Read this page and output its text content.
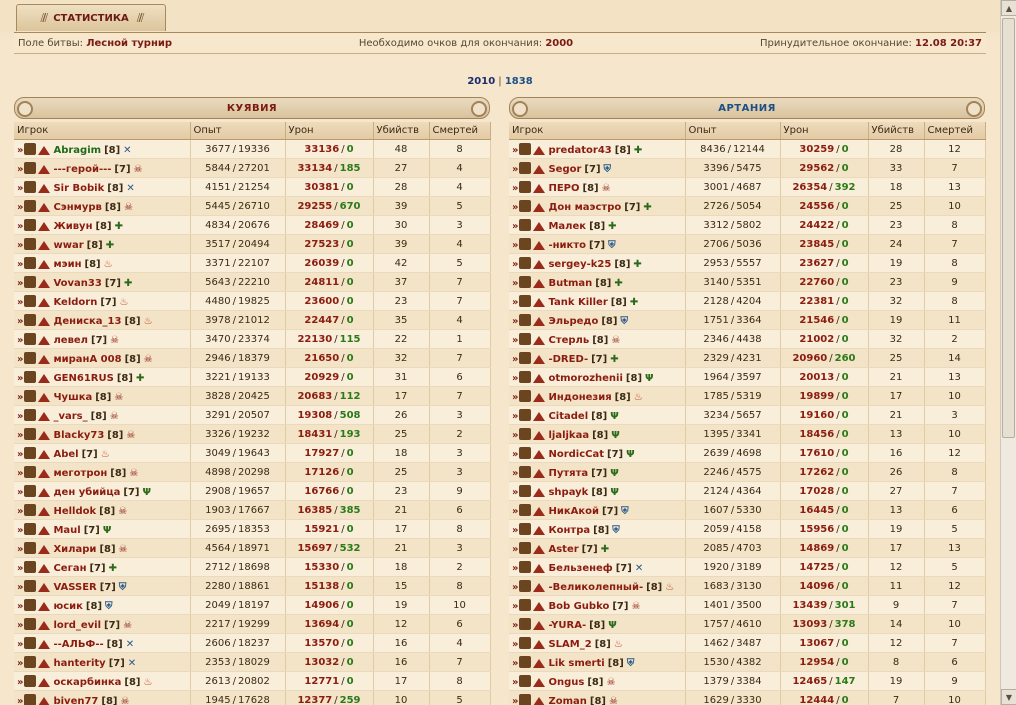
⫽⫽ СТАТИСТИКА ⫽⫽
Поле битвы: Лесной турнир	Необходимо очков для окончания: 2000	Принудительное окончание: 12.08 20:37
2010 | 1838
КУЯВИЯ
Игрок	Опыт	Урон	Убийств	Смертей
» Abragim [8] ✕	3677 / 19336	33136 / 0	48	8
» ---герой--- [7] ☠	5844 / 27201	33134 / 185	27	4
» Sir Bobik [8] ✕	4151 / 21254	30381 / 0	28	4
» Сэнмурв [8] ☠	5445 / 26710	29255 / 670	39	5
» Живун [8] ✚	4834 / 20676	28469 / 0	30	3
» wwar [8] ✚	3517 / 20494	27523 / 0	39	4
» мэин [8] ♨	3371 / 22107	26039 / 0	42	5
» Vovan33 [7] ✚	5643 / 22210	24811 / 0	37	7
» Keldorn [7] ♨	4480 / 19825	23600 / 0	23	7
» Дениска_13 [8] ♨	3978 / 21012	22447 / 0	35	4
» левел [7] ☠	3470 / 23374	22130 / 115	22	1
» миранА 008 [8] ☠	2946 / 18379	21650 / 0	32	7
» GEN61RUS [8] ✚	3221 / 19133	20929 / 0	31	6
» Чушка [8] ☠	3828 / 20425	20683 / 112	17	7
» _vars_ [8] ☠	3291 / 20507	19308 / 508	26	3
» Blacky73 [8] ☠	3326 / 19232	18431 / 193	25	2
» Abel [7] ♨	3049 / 19643	17927 / 0	18	3
» меготрон [8] ☠	4898 / 20298	17126 / 0	25	3
» ден убийца [7] Ψ	2908 / 19657	16766 / 0	23	9
» Helldok [8] ☠	1903 / 17667	16385 / 385	21	6
» Maul [7] Ψ	2695 / 18353	15921 / 0	17	8
» Хилари [8] ☠	4564 / 18971	15697 / 532	21	3
» Сеган [7] ✚	2712 / 18698	15330 / 0	18	2
» VASSER [7] ⛨	2280 / 18861	15138 / 0	15	8
» юсик [8] ⛨	2049 / 18197	14906 / 0	19	10
» lord_evil [7] ☠	2217 / 19299	13694 / 0	12	6
» --АЛЬФ-- [8] ✕	2606 / 18237	13570 / 0	16	4
» hanterity [7] ✕	2353 / 18029	13032 / 0	16	7
» оскарбинка [8] ♨	2613 / 20802	12771 / 0	17	8
» biven77 [8] ☠	1945 / 17628	12377 / 259	10	5
АРТАНИЯ
Игрок	Опыт	Урон	Убийств	Смертей
» predator43 [8] ✚	8436 / 12144	30259 / 0	28	12
» Segor [7] ⛨	3396 / 5475	29562 / 0	33	7
» ПЕРО [8] ☠	3001 / 4687	26354 / 392	18	13
» Дон маэстро [7] ✚	2726 / 5054	24556 / 0	25	10
» Малек [8] ✚	3312 / 5802	24422 / 0	23	8
» -никто [7] ⛨	2706 / 5036	23845 / 0	24	7
» sergey-k25 [8] ✚	2953 / 5557	23627 / 0	19	8
» Butman [8] ✚	3140 / 5351	22760 / 0	23	9
» Tank Killer [8] ✚	2128 / 4204	22381 / 0	32	8
» Эльредо [8] ⛨	1751 / 3364	21546 / 0	19	11
» Стерль [8] ☠	2346 / 4438	21002 / 0	32	2
» -DRED- [7] ✚	2329 / 4231	20960 / 260	25	14
» otmorozhenii [8] Ψ	1964 / 3597	20013 / 0	21	13
» Индонезия [8] ♨	1785 / 5319	19899 / 0	17	10
» Citadel [8] Ψ	3234 / 5657	19160 / 0	21	3
» ljaljkaa [8] Ψ	1395 / 3341	18456 / 0	13	10
» NordicCat [7] Ψ	2639 / 4698	17610 / 0	16	12
» Путята [7] Ψ	2246 / 4575	17262 / 0	26	8
» shpayk [8] Ψ	2124 / 4364	17028 / 0	27	7
» НикАкой [7] ⛨	1607 / 5330	16445 / 0	13	6
» Контра [8] ⛨	2059 / 4158	15956 / 0	19	5
» Aster [7] ✚	2085 / 4703	14869 / 0	17	13
» Бельзенеф [7] ✕	1920 / 3189	14725 / 0	12	5
» -Великолепный- [8] ♨	1683 / 3130	14096 / 0	11	12
» Bob Gubko [7] ☠	1401 / 3500	13439 / 301	9	7
» -YURA- [8] Ψ	1757 / 4610	13093 / 378	14	10
» SLAM_2 [8] ♨	1462 / 3487	13067 / 0	12	7
» Lik smerti [8] ⛨	1530 / 4382	12954 / 0	8	6
» Ongus [8] ☠	1379 / 3384	12465 / 147	19	9
» Zoman [8] ☠	1629 / 3330	12444 / 0	7	10
▲
▼
